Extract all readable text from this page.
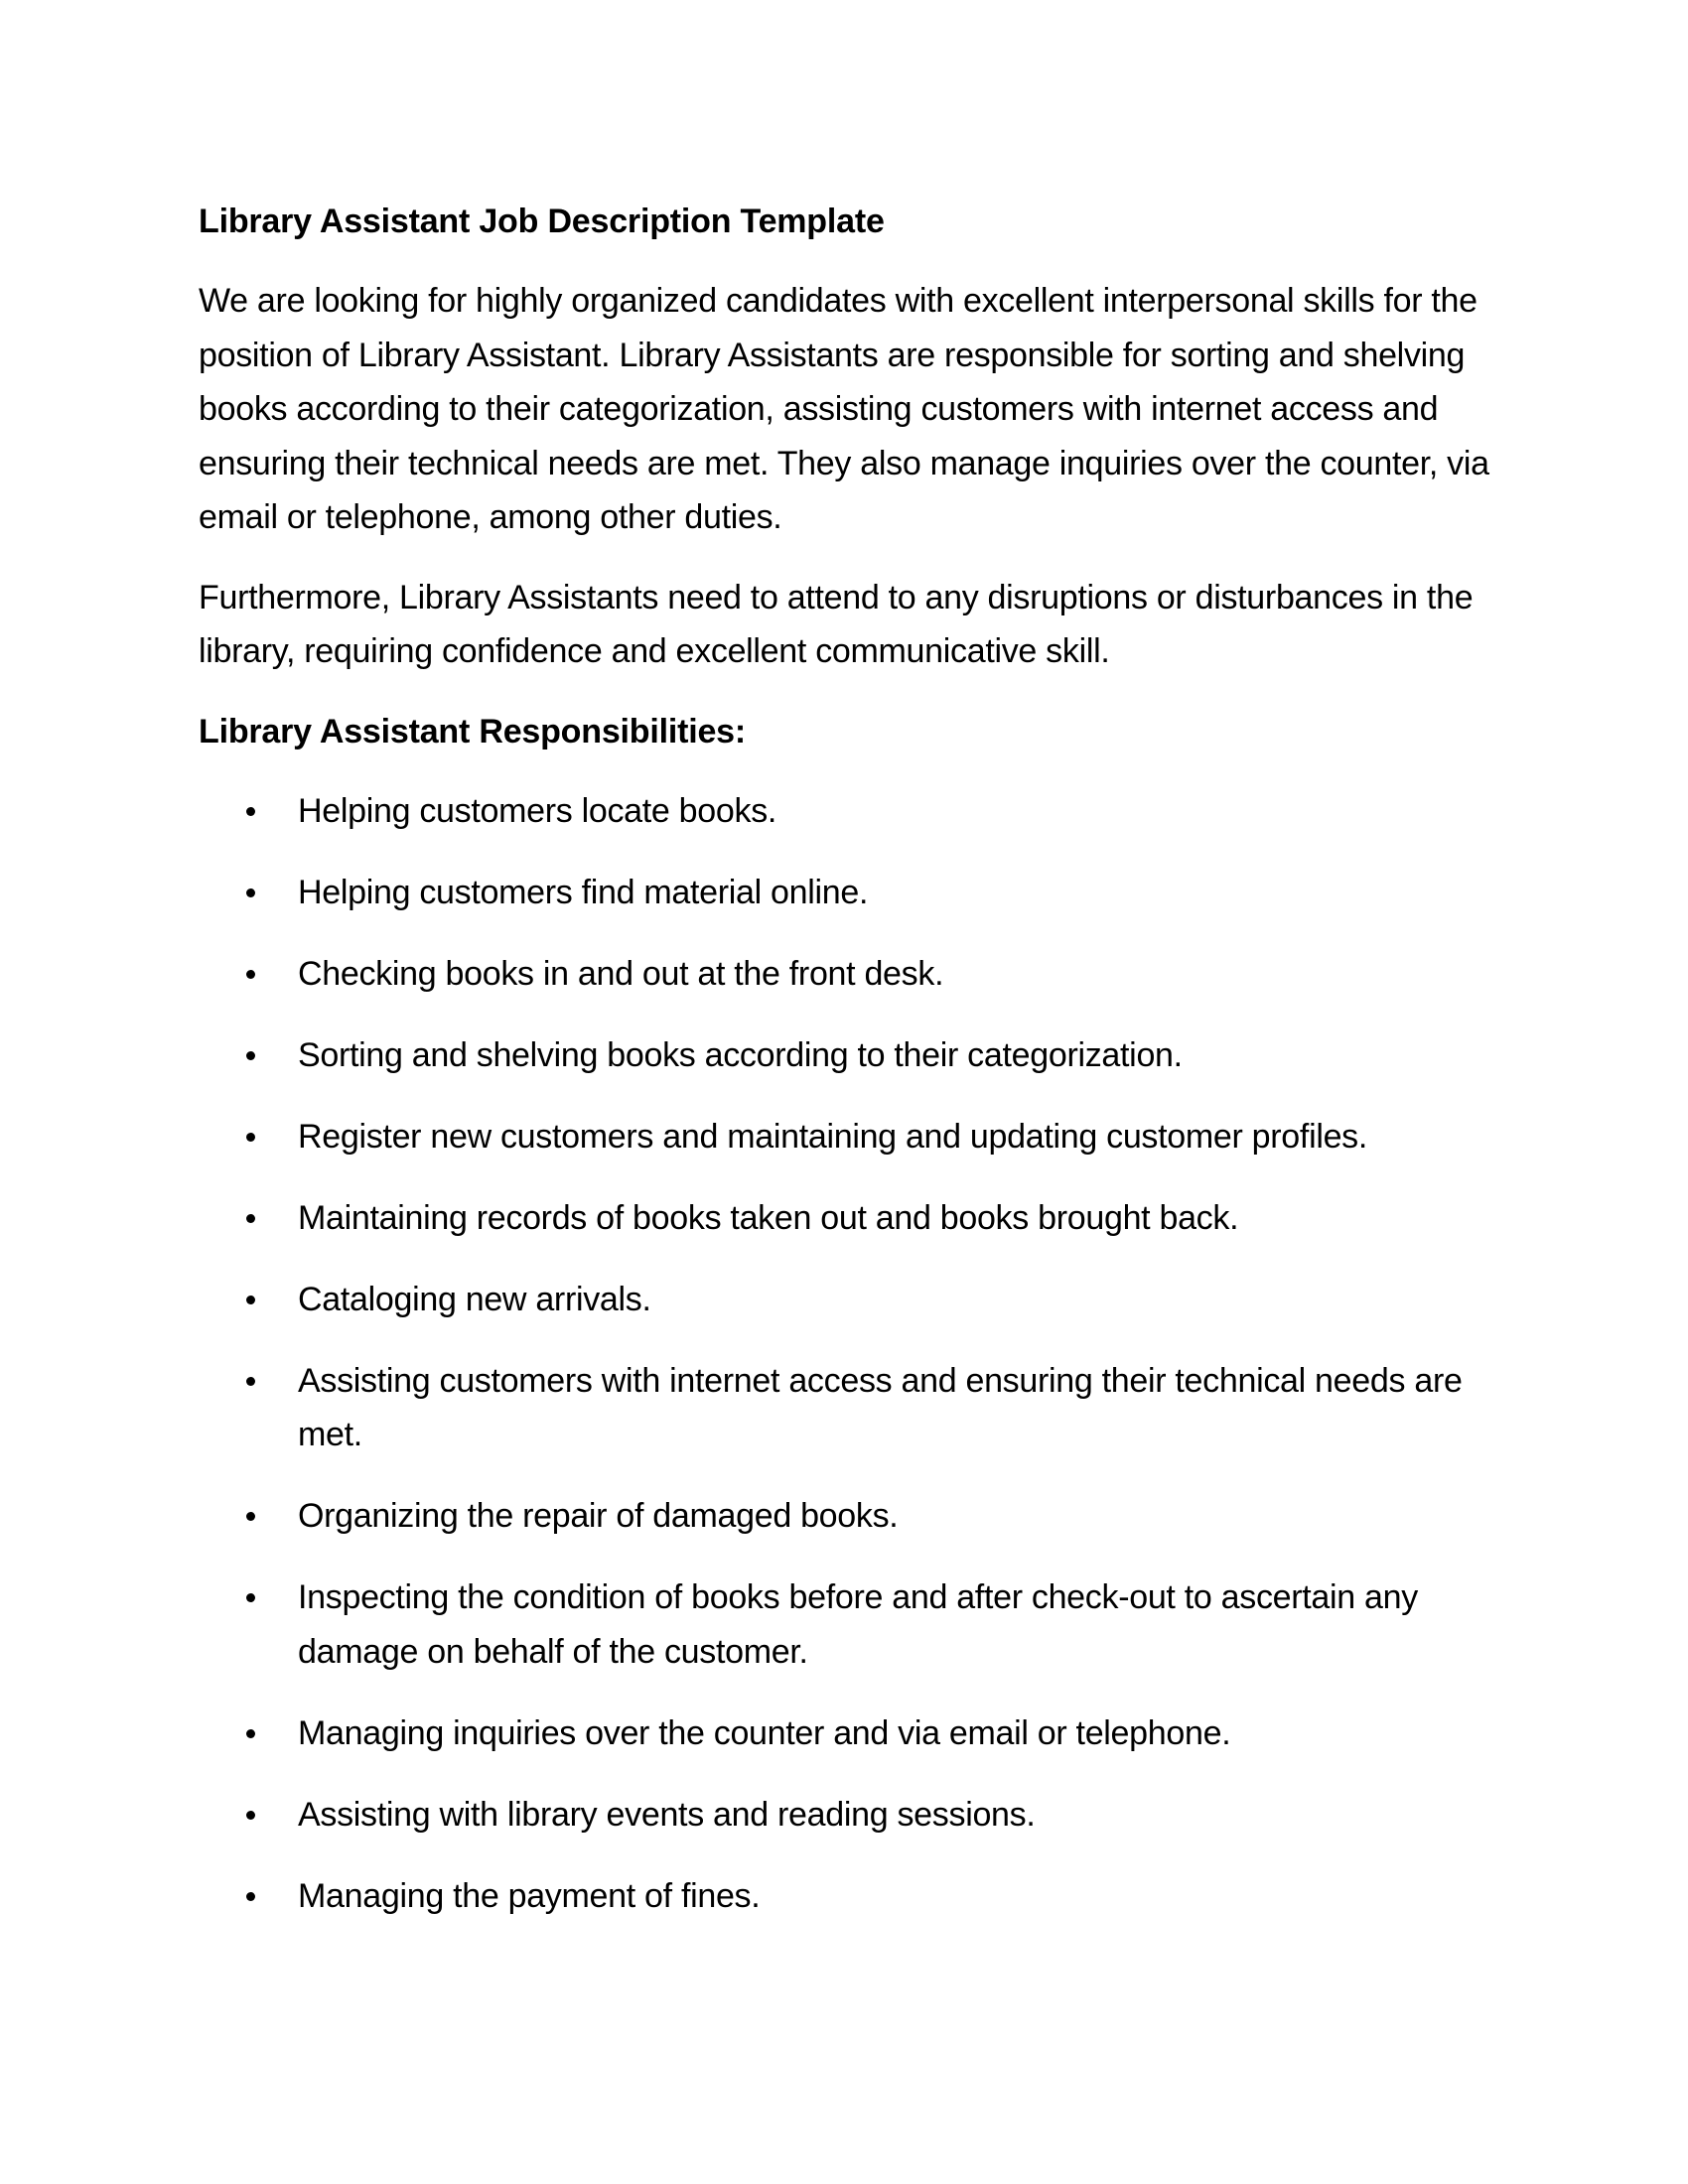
Library Assistant Job Description Template

We are looking for highly organized candidates with excellent interpersonal skills for the position of Library Assistant. Library Assistants are responsible for sorting and shelving books according to their categorization, assisting customers with internet access and ensuring their technical needs are met. They also manage inquiries over the counter, via email or telephone, among other duties.

Furthermore, Library Assistants need to attend to any disruptions or disturbances in the library, requiring confidence and excellent communicative skill.

Library Assistant Responsibilities:
Helping customers locate books.
Helping customers find material online.
Checking books in and out at the front desk.
Sorting and shelving books according to their categorization.
Register new customers and maintaining and updating customer profiles.
Maintaining records of books taken out and books brought back.
Cataloging new arrivals.
Assisting customers with internet access and ensuring their technical needs are met.
Organizing the repair of damaged books.
Inspecting the condition of books before and after check-out to ascertain any damage on behalf of the customer.
Managing inquiries over the counter and via email or telephone.
Assisting with library events and reading sessions.
Managing the payment of fines.
